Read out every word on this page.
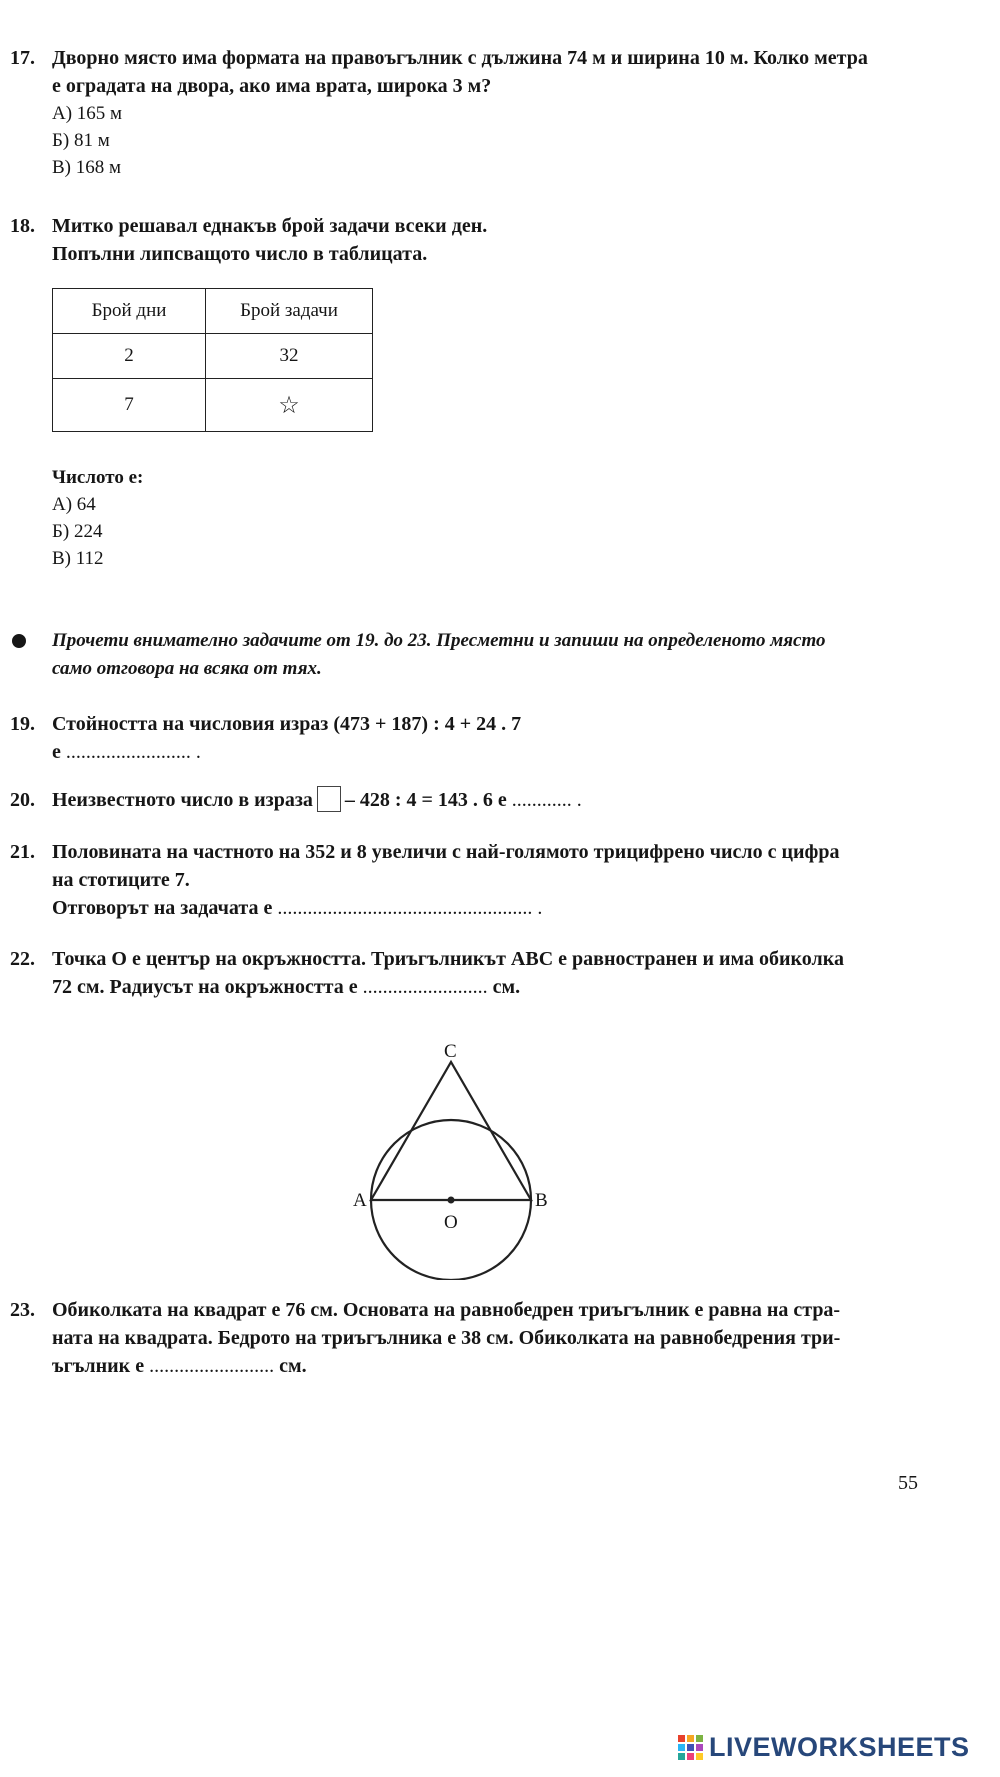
17. Дворно място има формата на правоъгълник с дължина 74 м и ширина 10 м. Колко метра
е оградата на двора, ако има врата, широка 3 м?
А) 165 м
Б) 81 м
В) 168 м
18. Митко решавал еднакъв брой задачи всеки ден.
Попълни липсващото число в таблицата.
Брой дни	Брой задачи
2	32
7	☆
Числото е:
А) 64
Б) 224
В) 112
Прочети внимателно задачите от 19. до 23. Пресметни и запиши на определеното място
само отговора на всяка от тях.
19. Стойността на числовия израз (473 + 187) : 4 + 24 . 7
е ......................... .
20. Неизвестното число в израза – 428 : 4 = 143 . 6 е ............ .
21. Половината на частното на 352 и 8 увеличи с най-голямото трицифрено число с цифра
на стотиците 7.
Отговорът на задачата е ................................................... .
22. Точка О е център на окръжността. Триъгълникът АВС е равностранен и има обиколка
72 см. Радиусът на окръжността е ......................... см.
C
A	B
O
23. Обиколката на квадрат е 76 см. Основата на равнобедрен триъгълник е равна на стра-
ната на квадрата. Бедрото на триъгълника е 38 см. Обиколката на равнобедрения три-
ъгълник е ......................... см.
55
LIVEWORKSHEETS
